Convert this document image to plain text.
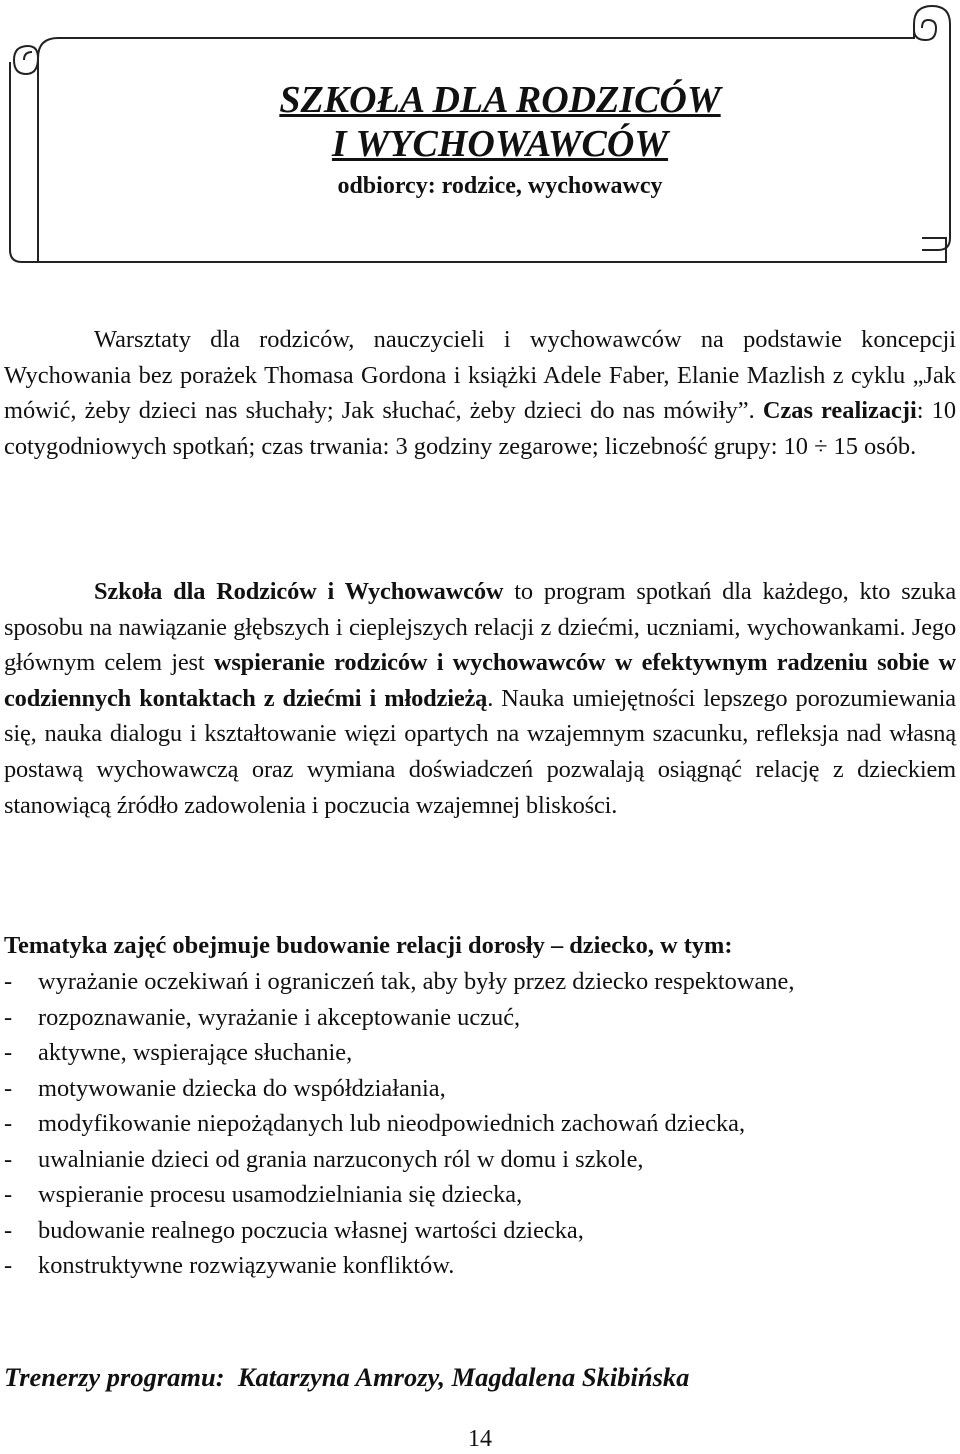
SZKOŁA DLA RODZICÓW
I WYCHOWAWCÓW
odbiorcy: rodzice, wychowawcy
Warsztaty dla rodziców, nauczycieli i wychowawców na podstawie koncepcji Wychowania bez porażek Thomasa Gordona i książki Adele Faber, Elanie Mazlish z cyklu „Jak mówić, żeby dzieci nas słuchały; Jak słuchać, żeby dzieci do nas mówiły”. Czas realizacji: 10 cotygodniowych spotkań; czas trwania: 3 godziny zegarowe; liczebność grupy: 10 ÷ 15 osób.
Szkoła dla Rodziców i Wychowawców to program spotkań dla każdego, kto szuka sposobu na nawiązanie głębszych i cieplejszych relacji z dziećmi, uczniami, wychowankami. Jego głównym celem jest wspieranie rodziców i wychowawców w efektywnym radzeniu sobie w codziennych kontaktach z dziećmi i młodzieżą. Nauka umiejętności lepszego porozumiewania się, nauka dialogu i kształtowanie więzi opartych na wzajemnym szacunku, refleksja nad własną postawą wychowawczą oraz wymiana doświadczeń pozwalają osiągnąć relację z dzieckiem stanowiącą źródło zadowolenia i poczucia wzajemnej bliskości.
Tematyka zajęć obejmuje budowanie relacji dorosły – dziecko, w tym:
- wyrażanie oczekiwań i ograniczeń tak, aby były przez dziecko respektowane,
- rozpoznawanie, wyrażanie i akceptowanie uczuć,
- aktywne, wspierające słuchanie,
- motywowanie dziecka do współdziałania,
- modyfikowanie niepożądanych lub nieodpowiednich zachowań dziecka,
- uwalnianie dzieci od grania narzuconych ról w domu i szkole,
- wspieranie procesu usamodzielniania się dziecka,
- budowanie realnego poczucia własnej wartości dziecka,
- konstruktywne rozwiązywanie konfliktów.
Trenerzy programu: Katarzyna Amrozy, Magdalena Skibińska
14
